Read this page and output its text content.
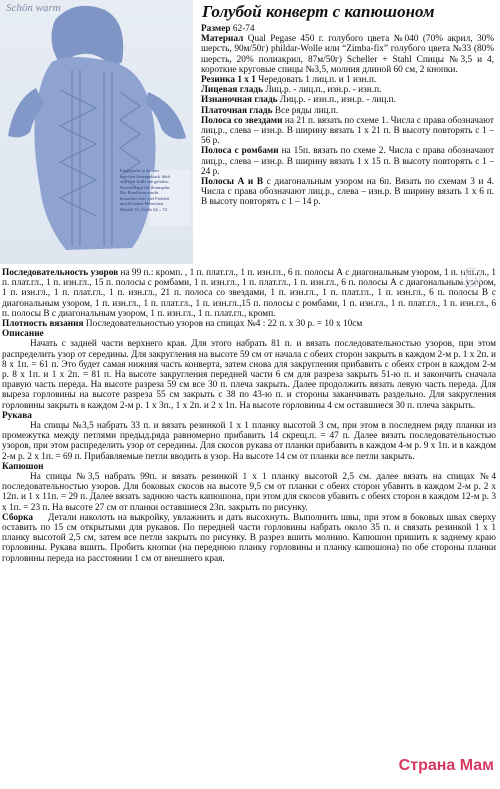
Schön warm
Eingepackt in diesem weichen Strampelsack fühlt sich hier Kalle die gefallen Kuschelt mit die Strampeln. Die Rundform macht besonders hier viel Freiheit und Schuhen Menschen. Modell 15, Größe 62 – 74
Голубой конверт с капюшоном
Размер 62-74
Материал Qual Pegase 450 г. голубого цвета №040 (70% акрил, 30% шерсть, 90м/50г) phildar-Wolle или “Zimba-fix” голубого цвета №33 (80% шерсть, 20% полиакрил, 87м/50г) Scheller + Stahl Спицы №3,5 и 4, короткие круговые спицы №3,5, молния длиной 60 см, 2 кнопки.
Резинка 1 х 1 Чередовать 1 лиц.п. и 1 изн.п.
Лицевая гладь Лиц.р. - лиц.п., изн.р. - изн.п.
Изнаночная гладь Лиц.р. - изн.п., изн.р. - лиц.п.
Платочная гладь Все ряды лиц.п.
Полоса со звездами на 21 п. вязать по схеме 1. Числа с права обозначают лиц.р., слева – изн.р. В ширину вязать 1 х 21 п. В высоту повторять с 1 – 56 р.
Полоса с ромбами на 15п. вязать по схеме 2. Числа с права обозначают лиц.р., слева – изн.р. В ширину вязать 1 х 15 п. В высоту повторять с 1 – 24 р.
Полосы А и В с диагональным узором на 6п. Вязать по схемам 3 и 4. Числа с права обозначают лиц.р., слева – изн.р. В ширину вязать 1 х 6 п. В высоту повторять с 1 – 14 р.
Последовательность узоров на 99 п.: кромп. , 1 п. плат.гл., 1 п. изн.гл., 6 п. полосы А с диагональным узором, 1 п. изн.гл., 1 п. плат.гл., 1 п. изн.гл., 15 п. полосы с ромбами, 1 п. изн.гл., 1 п. плат.гл., 1 п. изн.гл., 6 п. полосы А с диагональным узором, 1 п. изн.гл., 1 п. плат.гл., 1 п. изн.гл., 21 п. полоса со звездами, 1 п. изн.гл., 1 п. плат.гл., 1 п. изн.гл., 6 п. полосы В с диагональным узором, 1 п. изн.гл., 1 п. плат.гл., 1 п. изн.гл.,15 п. полосы с ромбами, 1 п. изн.гл., 1 п. плат.гл., 1 п. изн.гл., 6 п. полосы В с диагональным узором, 1 п. изн.гл., 1 п. плат.гл., кромп.
Плотность вязания Последовательностью узоров на спицах №4 : 22 п. х 30 р. = 10 х 10см
Описание
Начать с задней части верхнего края. Для этого набрать 81 п. и вязать последовательностью узоров, при этом распределить узор от середины. Для закругления на высоте 59 см от начала с обеих сторон закрыть в каждом 2-м р. 1 х 2п. и 8 х 1п. = 61 п. Это будет самая нижняя часть конверта, затем снова для закругления прибавить с обеих строн в каждом 2-м р. 8 х 1п. и 1 х 2п. = 81 п. На высоте закругления передней части 6 см для разреза закрыть 51-ю п. и закончить сначала правую часть переда. На высоте разреза 59 см все 30 п. плеча закрыть. Далее продолжить вязать левую часть переда. Для выреза горловины на высоте разреза 55 см закрыть с 38 по 43-ю п. и стороны заканчивать раздельно. Для закругления горловины закрыть в каждом 2-м р. 1 х 3п., 1 х 2п. и 2 х 1п. На высоте горловины 4 см оставшиеся 30 п. плеча закрыть.
Рукава
На спицы №3,5 набрать 33 п. и вязать резинкой 1 х 1 планку высотой 3 см, при этом в последнем ряду планки из промежутка между петлями предыд.ряда равномерно прибавить 14 скрещ.п. = 47 п. Далее вязать последовательностью узоров, при этом распределить узор от середины. Для скосов рукава от планки прибавить в каждом 4-м р. 9 х 1п. и в каждом 2-м р. 2 х 1п. = 69 п. Прибавляемые петли вводить в узор. На высоте 14 см от планки все петли закрыть.
Капюшон
На спицы №3,5 набрать 99п. и вязать резинкой 1 х 1 планку высотой 2,5 см. далее вязать на спицах №4 последовательностью узоров. Для боковых скосов на высоте 9,5 см от планки с обеих сторон убавить в каждом 2-м р. 2 х 12п. и 1 х 11п. = 29 п. Далее вязать заднюю часть капюшона, при этом для скосов убавить с обеих сторон в каждом 12-м р. 3 х 1п. = 23 п. На высоте 27 см от планки оставшиеся 23п. закрыть по рисунку.
Сборка Детали наколоть на выкройку, увлажнить и дать высохнуть. Выполнить швы, при этом в боковых швах сверху оставить по 15 см открытыми для рукавов. По передней части горловины набрать около 35 п. и связать резинкой 1 х 1 планку высотой 2,5 см, затем все петли закрыть по рисунку. В разрез вшить молнию. Капюшон пришить к заднему краю горловины. Рукава вшить. Пробить кнопки (на переднюю планку горловины и планку капюшона) по обе стороны планки горловины переда на расстоянии 1 см от внешнего края.
©
Страна Мам
